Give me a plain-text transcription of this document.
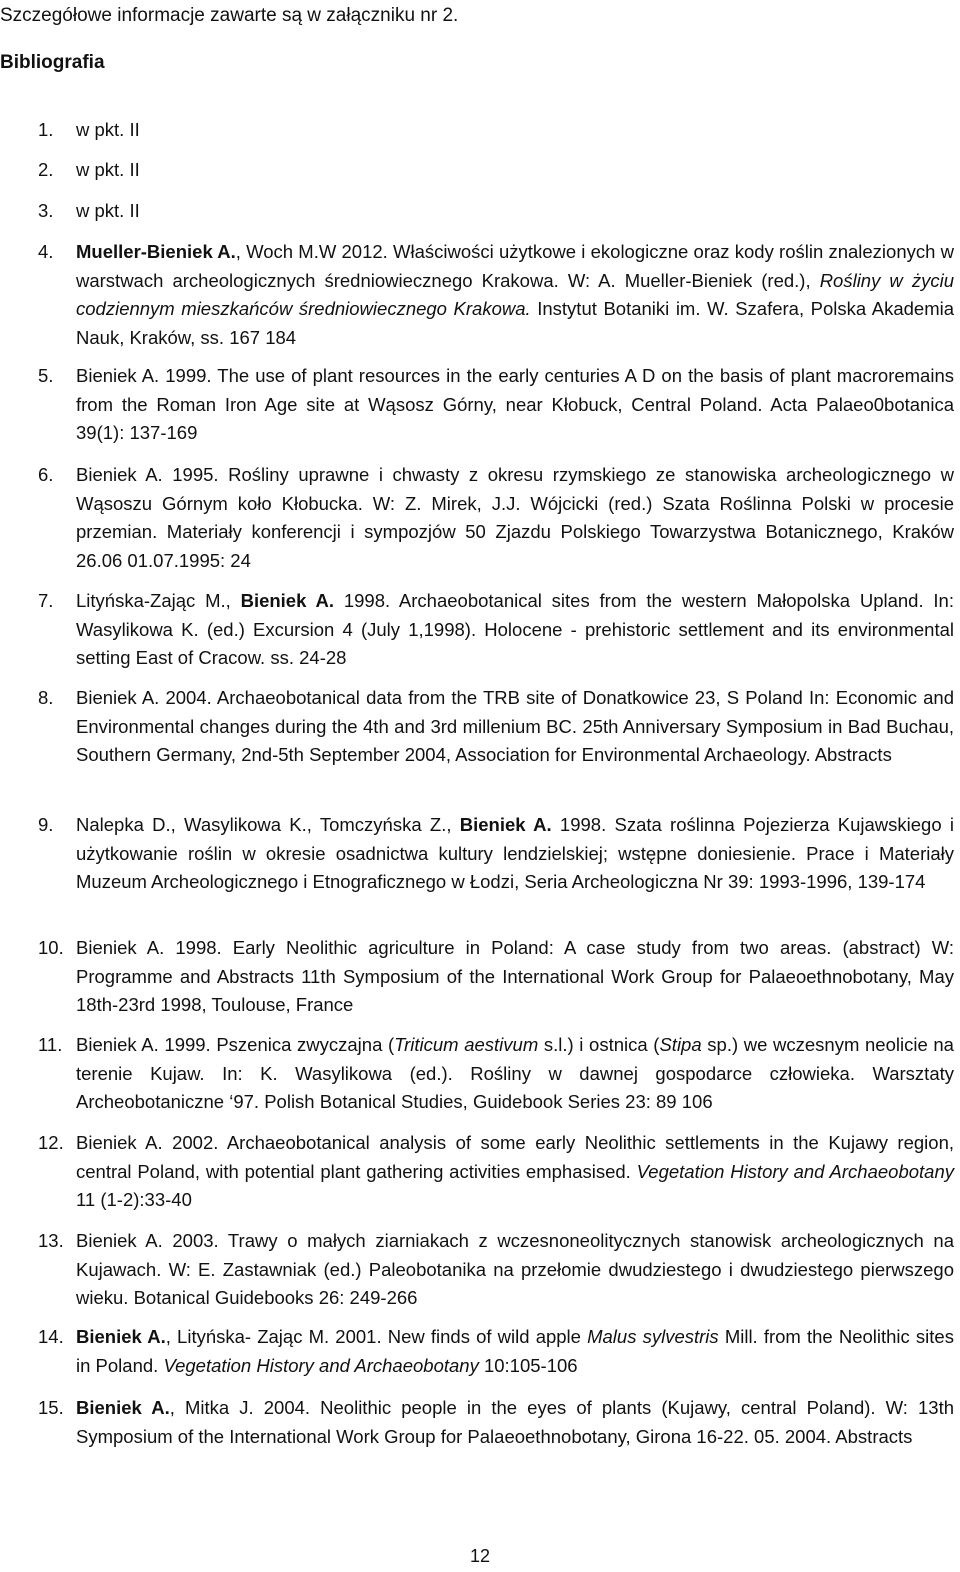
Szczegółowe informacje zawarte są w załączniku nr 2.
Bibliografia
1. w pkt. II
2. w pkt. II
3. w pkt. II
4. Mueller-Bieniek A., Woch M.W 2012. Właściwości użytkowe i ekologiczne oraz kody roślin znalezionych w warstwach archeologicznych średniowiecznego Krakowa. W: A. Mueller-Bieniek (red.), Rośliny w życiu codziennym mieszkańców średniowiecznego Krakowa. Instytut Botaniki im. W. Szafera, Polska Akademia Nauk, Kraków, ss. 167 184
5. Bieniek A. 1999. The use of plant resources in the early centuries A D on the basis of plant macroremains from the Roman Iron Age site at Wąsosz Górny, near Kłobuck, Central Poland. Acta Palaeo0botanica 39(1): 137-169
6. Bieniek A. 1995. Rośliny uprawne i chwasty z okresu rzymskiego ze stanowiska archeologicznego w Wąsoszu Górnym koło Kłobucka. W: Z. Mirek, J.J. Wójcicki (red.) Szata Roślinna Polski w procesie przemian. Materiały konferencji i sympozjów 50 Zjazdu Polskiego Towarzystwa Botanicznego, Kraków 26.06 01.07.1995: 24
7. Lityńska-Zając M., Bieniek A. 1998. Archaeobotanical sites from the western Małopolska Upland. In: Wasylikowa K. (ed.) Excursion 4 (July 1,1998). Holocene - prehistoric settlement and its environmental setting East of Cracow. ss. 24-28
8. Bieniek A. 2004. Archaeobotanical data from the TRB site of Donatkowice 23, S Poland In: Economic and Environmental changes during the 4th and 3rd millenium BC. 25th Anniversary Symposium in Bad Buchau, Southern Germany, 2nd-5th September 2004, Association for Environmental Archaeology. Abstracts
9. Nalepka D., Wasylikowa K., Tomczyńska Z., Bieniek A. 1998. Szata roślinna Pojezierza Kujawskiego i użytkowanie roślin w okresie osadnictwa kultury lendzielskiej; wstępne doniesienie. Prace i Materiały Muzeum Archeologicznego i Etnograficznego w Łodzi, Seria Archeologiczna Nr 39: 1993-1996, 139-174
10. Bieniek A. 1998. Early Neolithic agriculture in Poland: A case study from two areas. (abstract) W: Programme and Abstracts 11th Symposium of the International Work Group for Palaeoethnobotany, May 18th-23rd 1998, Toulouse, France
11. Bieniek A. 1999. Pszenica zwyczajna (Triticum aestivum s.l.) i ostnica (Stipa sp.) we wczesnym neolicie na terenie Kujaw. In: K. Wasylikowa (ed.). Rośliny w dawnej gospodarce człowieka. Warsztaty Archeobotaniczne ‘97. Polish Botanical Studies, Guidebook Series 23: 89 106
12. Bieniek A. 2002. Archaeobotanical analysis of some early Neolithic settlements in the Kujawy region, central Poland, with potential plant gathering activities emphasised. Vegetation History and Archaeobotany 11 (1-2):33-40
13. Bieniek A. 2003. Trawy o małych ziarniakach z wczesnoneolitycznych stanowisk archeologicznych na Kujawach. W: E. Zastawniak (ed.) Paleobotanika na przełomie dwudziestego i dwudziestego pierwszego wieku. Botanical Guidebooks 26: 249-266
14. Bieniek A., Lityńska- Zając M. 2001. New finds of wild apple Malus sylvestris Mill. from the Neolithic sites in Poland. Vegetation History and Archaeobotany 10:105-106
15. Bieniek A., Mitka J. 2004. Neolithic people in the eyes of plants (Kujawy, central Poland). W: 13th Symposium of the International Work Group for Palaeoethnobotany, Girona 16-22. 05. 2004. Abstracts
12
